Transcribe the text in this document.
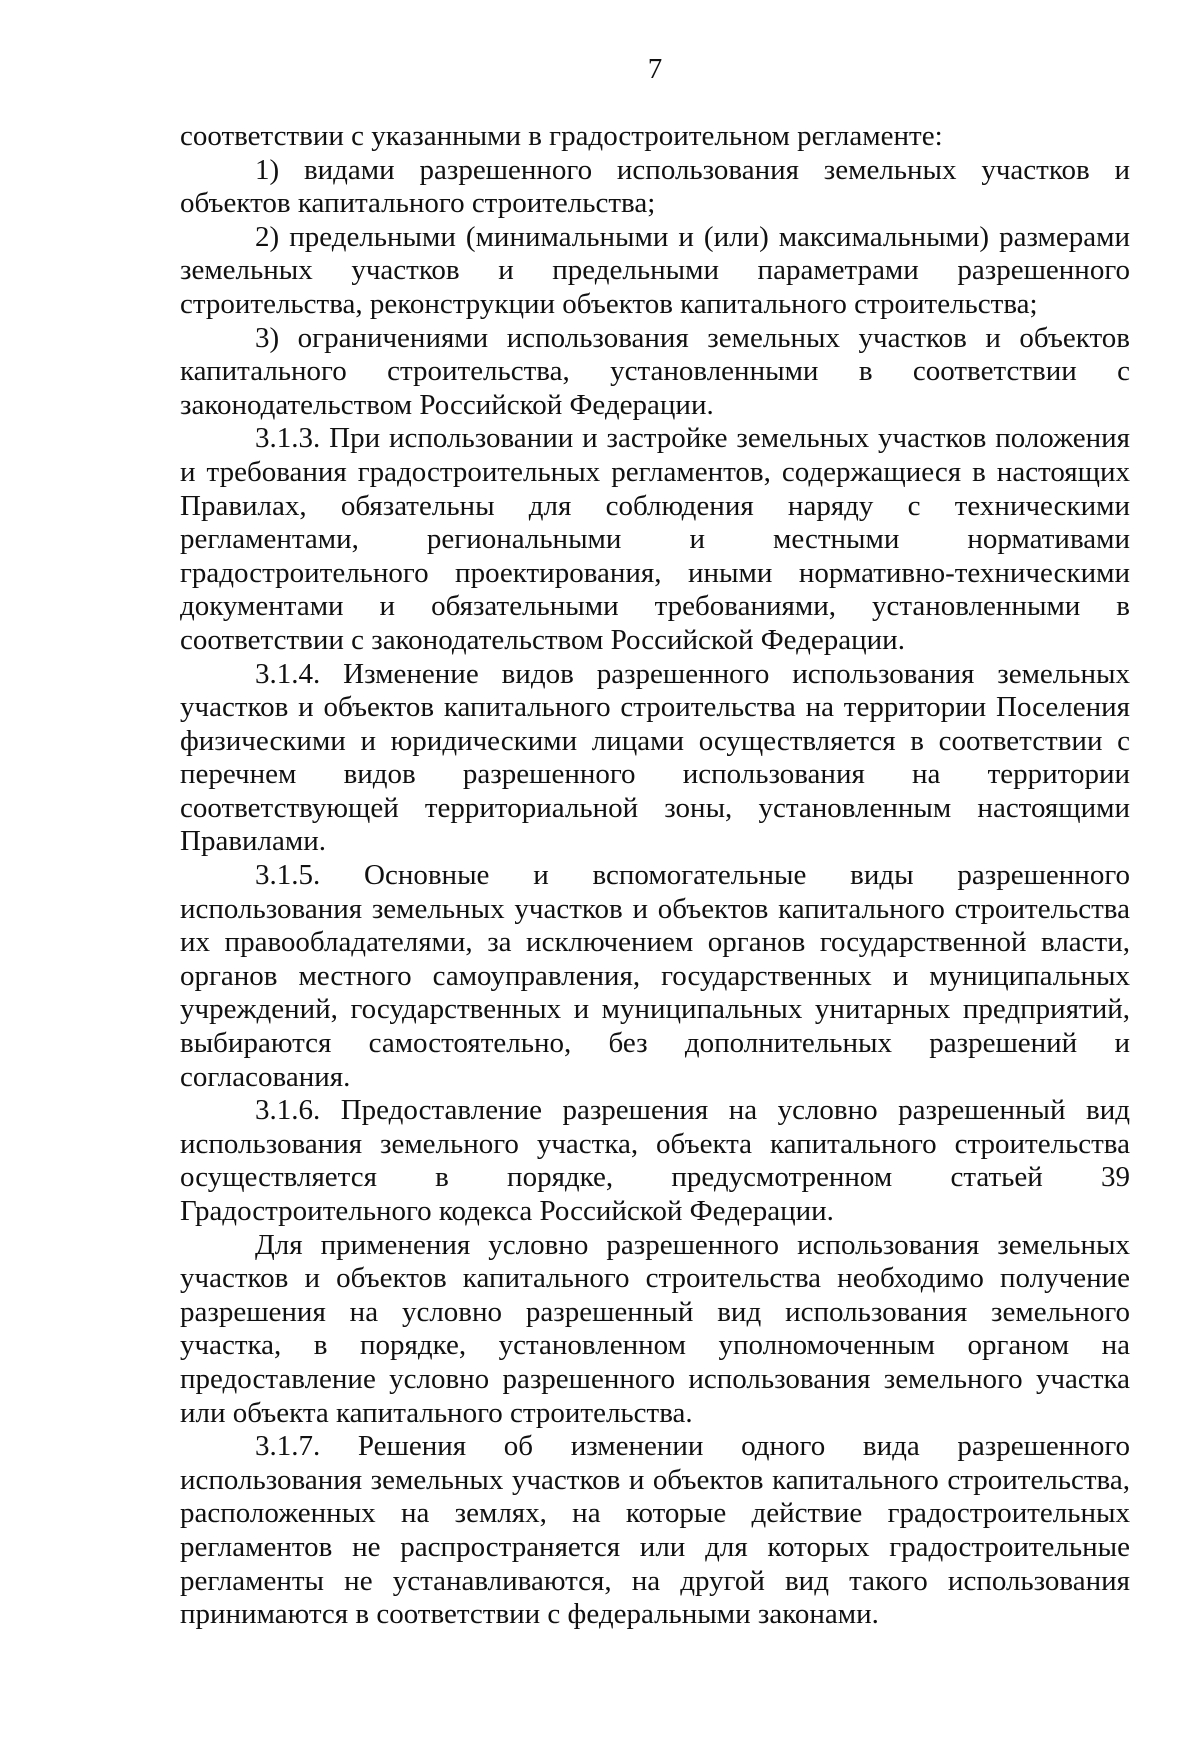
7

соответствии с указанными в градостроительном регламенте:

1) видами разрешенного использования земельных участков и объектов капитального строительства;

2) предельными (минимальными и (или) максимальными) размерами земельных участков и предельными параметрами разрешенного строительства, реконструкции объектов капитального строительства;

3) ограничениями использования земельных участков и объектов капитального строительства, установленными в соответствии с законодательством Российской Федерации.

3.1.3. При использовании и застройке земельных участков положения и требования градостроительных регламентов, содержащиеся в настоящих Правилах, обязательны для соблюдения наряду с техническими регламентами, региональными и местными нормативами градостроительного проектирования, иными нормативно-техническими документами и обязательными требованиями, установленными в соответствии с законодательством Российской Федерации.

3.1.4. Изменение видов разрешенного использования земельных участков и объектов капитального строительства на территории Поселения физическими и юридическими лицами осуществляется в соответствии с перечнем видов разрешенного использования на территории соответствующей территориальной зоны, установленным настоящими Правилами.

3.1.5. Основные и вспомогательные виды разрешенного использования земельных участков и объектов капитального строительства их правообладателями, за исключением органов государственной власти, органов местного самоуправления, государственных и муниципальных учреждений, государственных и муниципальных унитарных предприятий, выбираются самостоятельно, без дополнительных разрешений и согласования.

3.1.6. Предоставление разрешения на условно разрешенный вид использования земельного участка, объекта капитального строительства осуществляется в порядке, предусмотренном статьей 39 Градостроительного кодекса Российской Федерации.

Для применения условно разрешенного использования земельных участков и объектов капитального строительства необходимо получение разрешения на условно разрешенный вид использования земельного участка, в порядке, установленном уполномоченным органом на предоставление условно разрешенного использования земельного участка или объекта капитального строительства.

3.1.7. Решения об изменении одного вида разрешенного использования земельных участков и объектов капитального строительства, расположенных на землях, на которые действие градостроительных регламентов не распространяется или для которых градостроительные регламенты не устанавливаются, на другой вид такого использования принимаются в соответствии с федеральными законами.
